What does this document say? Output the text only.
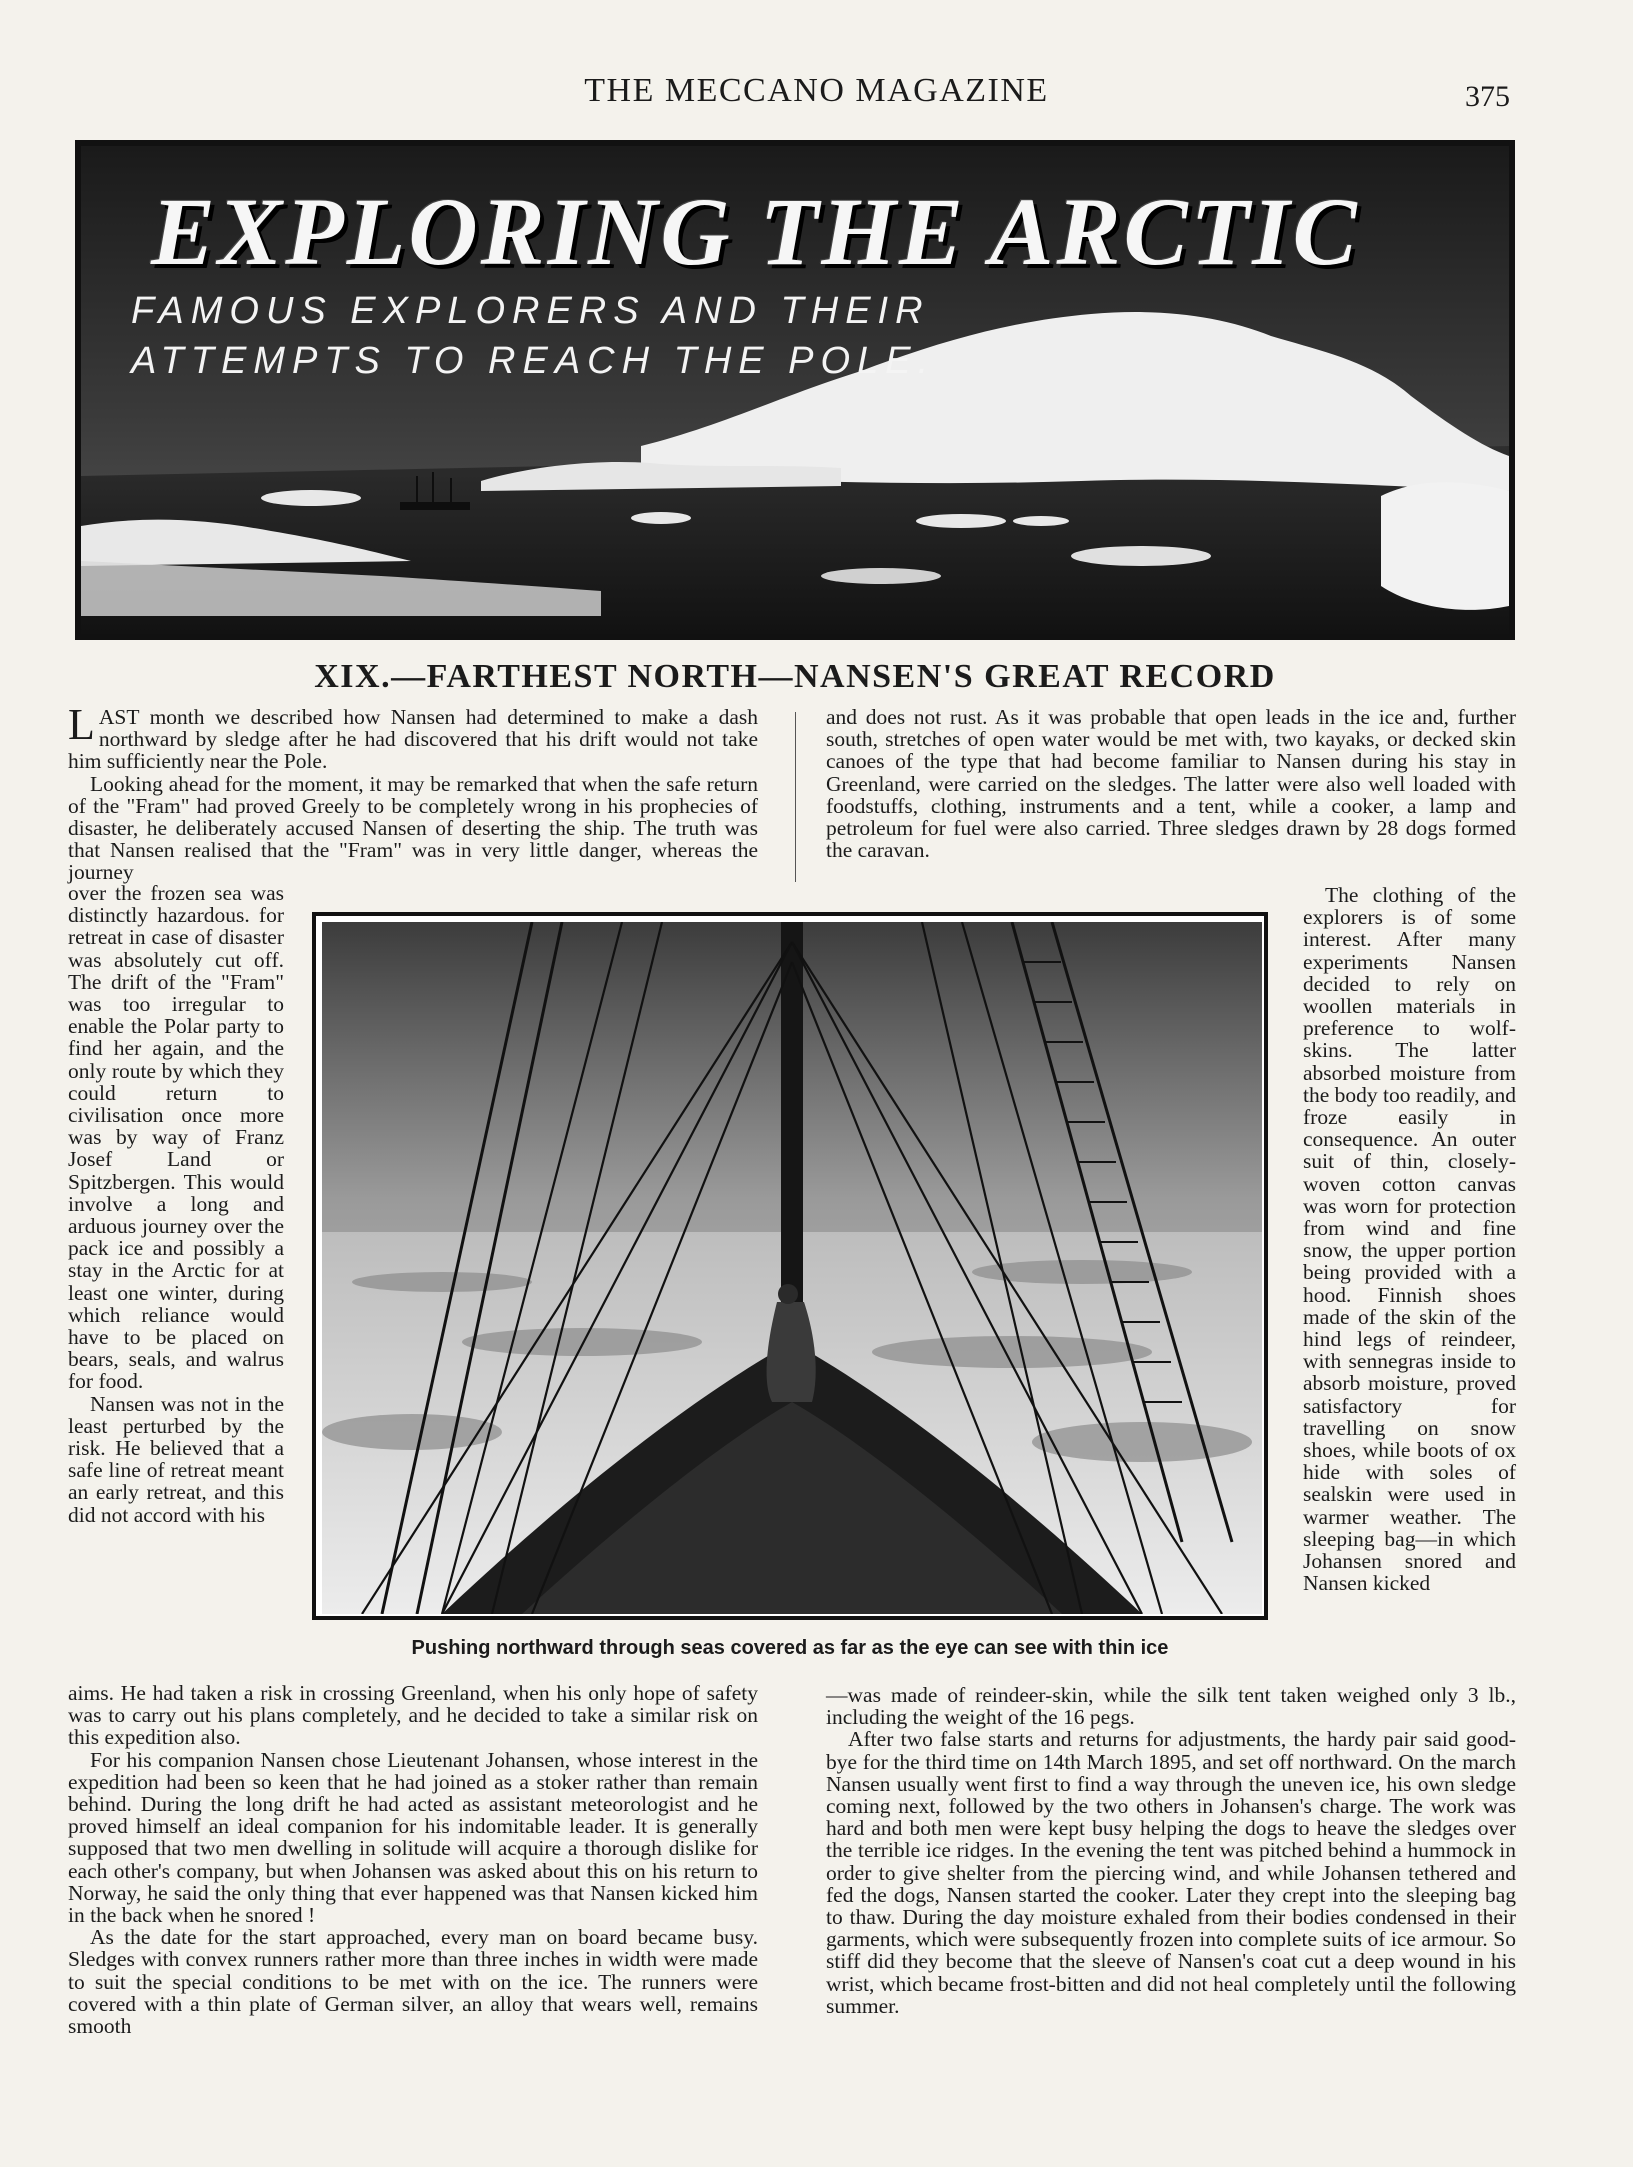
THE MECCANO MAGAZINE	375
EXPLORING THE ARCTIC
FAMOUS EXPLORERS AND THEIR ATTEMPTS TO REACH THE POLE.
XIX.—FARTHEST NORTH—NANSEN'S GREAT RECORD

LAST month we described how Nansen had determined to make a dash northward by sledge after he had discovered that his drift would not take him sufficiently near the Pole.

Looking ahead for the moment, it may be remarked that when the safe return of the "Fram" had proved Greely to be completely wrong in his prophecies of disaster, he deliberately accused Nansen of deserting the ship. The truth was that Nansen realised that the "Fram" was in very little danger, whereas the journey

over the frozen sea was distinctly hazardous. for retreat in case of disaster was absolutely cut off. The drift of the "Fram" was too irregular to enable the Polar party to find her again, and the only route by which they could return to civilisation once more was by way of Franz Josef Land or Spitzbergen. This would involve a long and arduous journey over the pack ice and possibly a stay in the Arctic for at least one winter, during which reliance would have to be placed on bears, seals, and walrus for food.

Nansen was not in the least perturbed by the risk. He believed that a safe line of retreat meant an early retreat, and this did not accord with his

aims. He had taken a risk in crossing Greenland, when his only hope of safety was to carry out his plans completely, and he decided to take a similar risk on this expedition also.

For his companion Nansen chose Lieutenant Johansen, whose interest in the expedition had been so keen that he had joined as a stoker rather than remain behind. During the long drift he had acted as assistant meteorologist and he proved himself an ideal companion for his indomitable leader. It is generally supposed that two men dwelling in solitude will acquire a thorough dislike for each other's company, but when Johansen was asked about this on his return to Norway, he said the only thing that ever happened was that Nansen kicked him in the back when he snored !

As the date for the start approached, every man on board became busy. Sledges with convex runners rather more than three inches in width were made to suit the special conditions to be met with on the ice. The runners were covered with a thin plate of German silver, an alloy that wears well, remains smooth

and does not rust. As it was probable that open leads in the ice and, further south, stretches of open water would be met with, two kayaks, or decked skin canoes of the type that had become familiar to Nansen during his stay in Greenland, were carried on the sledges. The latter were also well loaded with foodstuffs, clothing, instruments and a tent, while a cooker, a lamp and petroleum for fuel were also carried. Three sledges drawn by 28 dogs formed the caravan.

The clothing of the explorers is of some interest. After many experiments Nansen decided to rely on woollen materials in preference to wolf-skins. The latter absorbed moisture from the body too readily, and froze easily in consequence. An outer suit of thin, closely-woven cotton canvas was worn for protection from wind and fine snow, the upper portion being provided with a hood. Finnish shoes made of the skin of the hind legs of reindeer, with sennegras inside to absorb moisture, proved satisfactory for travelling on snow shoes, while boots of ox hide with soles of sealskin were used in warmer weather. The sleeping bag—in which Johansen snored and Nansen kicked

—was made of reindeer-skin, while the silk tent taken weighed only 3 lb., including the weight of the 16 pegs.

After two false starts and returns for adjustments, the hardy pair said good-bye for the third time on 14th March 1895, and set off northward. On the march Nansen usually went first to find a way through the uneven ice, his own sledge coming next, followed by the two others in Johansen's charge. The work was hard and both men were kept busy helping the dogs to heave the sledges over the terrible ice ridges. In the evening the tent was pitched behind a hummock in order to give shelter from the piercing wind, and while Johansen tethered and fed the dogs, Nansen started the cooker. Later they crept into the sleeping bag to thaw. During the day moisture exhaled from their bodies condensed in their garments, which were subsequently frozen into complete suits of ice armour. So stiff did they become that the sleeve of Nansen's coat cut a deep wound in his wrist, which became frost-bitten and did not heal completely until the following summer.

Pushing northward through seas covered as far as the eye can see with thin ice
